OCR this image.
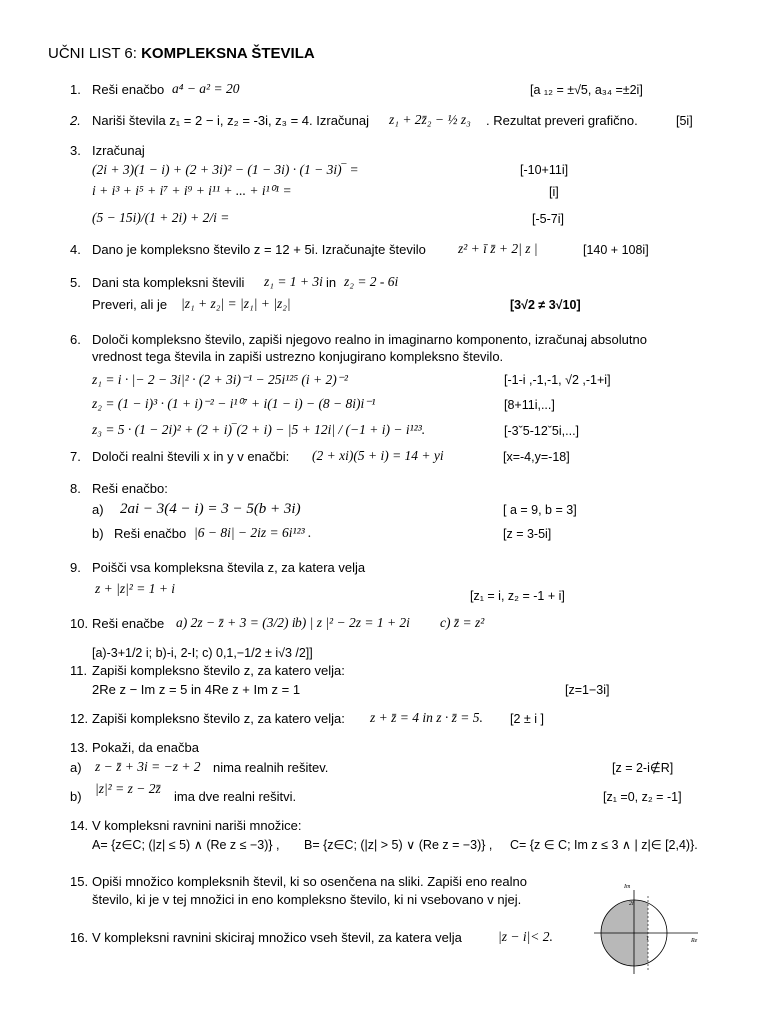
UČNI LIST 6: KOMPLEKSNA ŠTEVILA
1. Reši enačbo a⁴ − a² = 20	[a ₁₂ = ±√5, a₃₄ =±2i]
2. Nariši števila z₁ = 2 − i, z₂ = -3i, z₃ = 4. Izračunaj z₁ + 2z̄₂ − ½ z₃ . Rezultat preveri grafično.	[5i]
3. Izračunaj
(2i + 3)(1 − i) + (2 + 3i)² − (1 − 3i) · (1 − 3i)‾ =	[-10+11i]
i + i³ + i⁵ + i⁷ + i⁹ + i¹¹ + ... + i¹⁰¹ =	[i]
(5 − 15i)/(1 + 2i) + 2/i =	[-5-7i]
4. Dano je kompleksno število z = 12 + 5i. Izračunajte število z² + ī z̄ + 2| z |	[140 + 108i]
5. Dani sta kompleksni števili z₁ = 1 + 3i in z₂ = 2 - 6i
Preveri, ali je |z₁ + z₂| = |z₁| + |z₂|	[3√2 ≠ 3√10]
6. Določi kompleksno število, zapiši njegovo realno in imaginarno komponento, izračunaj absolutno
vrednost tega števila in zapiši ustrezno konjugirano kompleksno število.
z₁ = i · |− 2 − 3i|² · (2 + 3i)⁻¹ − 25i¹²⁵ (i + 2)⁻²	[-1-i ,-1,-1, √2 ,-1+i]
z₂ = (1 − i)³ · (1 + i)⁻² − i¹⁰⁷ + i(1 − i) − (8 − 8i)i⁻¹	[8+11i,...]
z₃ = 5 · (1 − 2i)² + (2 + i)‾(2 + i) − |5 + 12i| / (−1 + i) − i¹²³.	[-3ˇ5-12ˇ5i,...]
7. Določi realni števili x in y v enačbi: (2 + xi)(5 + i) = 14 + yi	[x=-4,y=-18]
8. Reši enačbo:
a) 2ai − 3(4 − i) = 3 − 5(b + 3i)	[ a = 9, b = 3]
b) Reši enačbo |6 − 8i| − 2iz = 6i¹²³ .	[z = 3-5i]
9. Poišči vsa kompleksna števila z, za katera velja
z + |z|² = 1 + i	[z₁ = i, z₂ = -1 + i]
10. Reši enačbe a) 2z − z̄ + 3 = (3/2) i b) | z |² − 2z = 1 + 2i c) z̄ = z²
[a)-3+1/2 i; b)-i, 2-I; c) 0,1,−1/2 ± i√3 /2]]
11. Zapiši kompleksno število z, za katero velja:
2Re z − Im z = 5 in 4Re z + Im z = 1	[z=1−3i]
12. Zapiši kompleksno število z, za katero velja: z + z̄ = 4 in z · z̄ = 5. [2 ± i ]
13. Pokaži, da enačba
a) z − z̄ + 3i = −z + 2 nima realnih rešitev.	[z = 2-i∉R]
b)
|z|² = z − 2z̄
ima dve realni rešitvi.	[z₁ =0, z₂ = -1]
14. V kompleksni ravnini nariši množice:
A= {z∈C; (|z| ≤ 5) ∧ (Re z ≤ −3)} , B= {z∈C; (|z| > 5) ∨ (Re z = −3)} , C= {z ∈ C; Im z ≤ 3 ∧ | z|∈ [2,4)}.
15. Opiši množico kompleksnih števil, ki so osenčena na sliki. Zapiši eno realno
število, ki je v tej množici in eno kompleksno število, ki ni vsebovano v njej.
16. V kompleksni ravnini skiciraj množico vseh števil, za katera velja	|z − i|< 2.
Im
Re
2i
1
